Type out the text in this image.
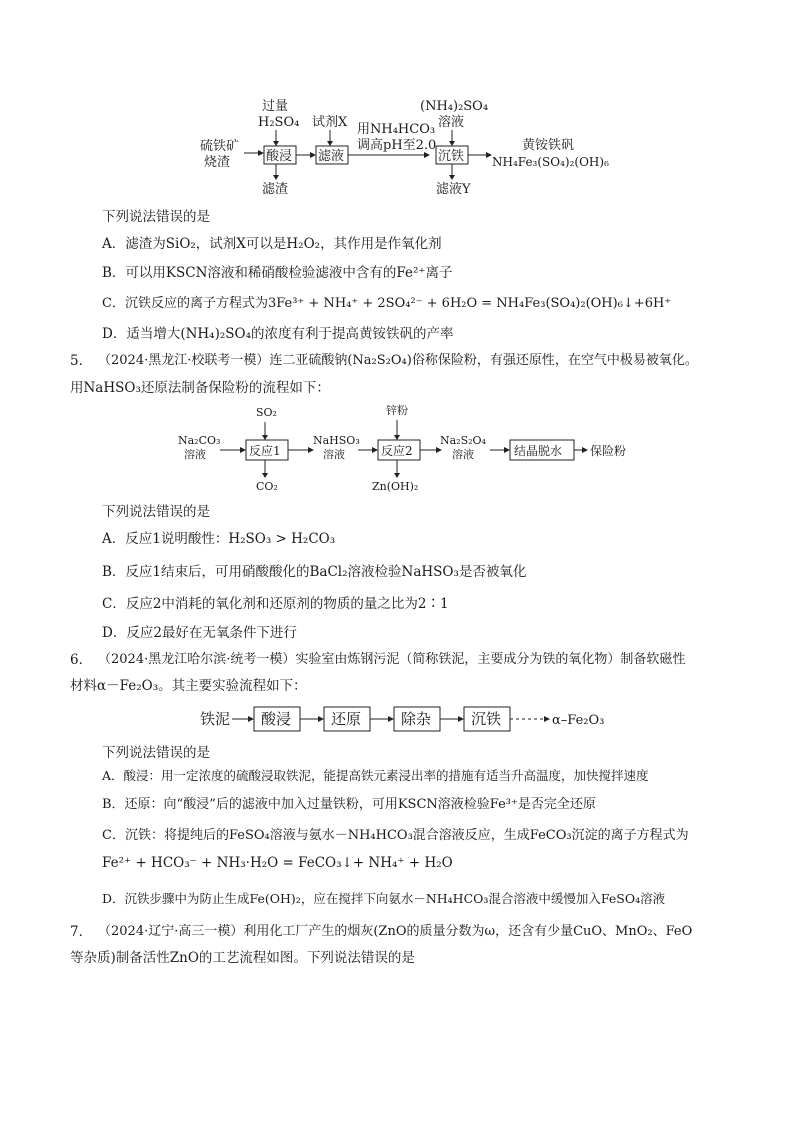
硫铁矿
烧渣
过量
H₂SO₄
酸浸
滤渣
试剂X
滤液
用NH₄HCO₃
调高pH至2.0
(NH₄)₂SO₄
溶液
沉铁
滤液Y
黄铵铁矾
NH₄Fe₃(SO₄)₂(OH)₆
下列说法错误的是
A．滤渣为SiO₂，试剂X可以是H₂O₂，其作用是作氧化剂
B．可以用KSCN溶液和稀硝酸检验滤液中含有的Fe²⁺离子
C．沉铁反应的离子方程式为3Fe³⁺ + NH₄⁺ + 2SO₄²⁻ + 6H₂O = NH₄Fe₃(SO₄)₂(OH)₆↓+6H⁺
D．适当增大(NH₄)₂SO₄的浓度有利于提高黄铵铁矾的产率
5． （2024·黑龙江·校联考一模）连二亚硫酸钠(Na₂S₂O₄)俗称保险粉，有强还原性，在空气中极易被氧化。
用NaHSO₃还原法制备保险粉的流程如下：
Na₂CO₃
溶液
SO₂
反应1
CO₂
NaHSO₃
溶液
锌粉
反应2
Zn(OH)₂
Na₂S₂O₄
溶液	结晶脱水 保险粉
下列说法错误的是
A．反应1说明酸性：H₂SO₃ > H₂CO₃
B．反应1结束后，可用硝酸酸化的BaCl₂溶液检验NaHSO₃是否被氧化
C．反应2中消耗的氧化剂和还原剂的物质的量之比为2∶1
D．反应2最好在无氧条件下进行
6． （2024·黑龙江哈尔滨·统考一模）实验室由炼钢污泥（简称铁泥，主要成分为铁的氧化物）制备软磁性
材料α－Fe₂O₃。其主要实验流程如下：
铁泥 酸浸	还原	除杂	沉铁	α–Fe₂O₃
下列说法错误的是
A．酸浸：用一定浓度的硫酸浸取铁泥，能提高铁元素浸出率的措施有适当升高温度，加快搅拌速度
B．还原：向“酸浸”后的滤液中加入过量铁粉，可用KSCN溶液检验Fe³⁺是否完全还原
C．沉铁：将提纯后的FeSO₄溶液与氨水－NH₄HCO₃混合溶液反应，生成FeCO₃沉淀的离子方程式为
Fe²⁺ + HCO₃⁻ + NH₃·H₂O = FeCO₃↓+ NH₄⁺ + H₂O
D．沉铁步骤中为防止生成Fe(OH)₂，应在搅拌下向氨水－NH₄HCO₃混合溶液中缓慢加入FeSO₄溶液
7． （2024·辽宁·高三一模）利用化工厂产生的烟灰(ZnO的质量分数为ω，还含有少量CuO、MnO₂、FeO
等杂质)制备活性ZnO的工艺流程如图。下列说法错误的是
